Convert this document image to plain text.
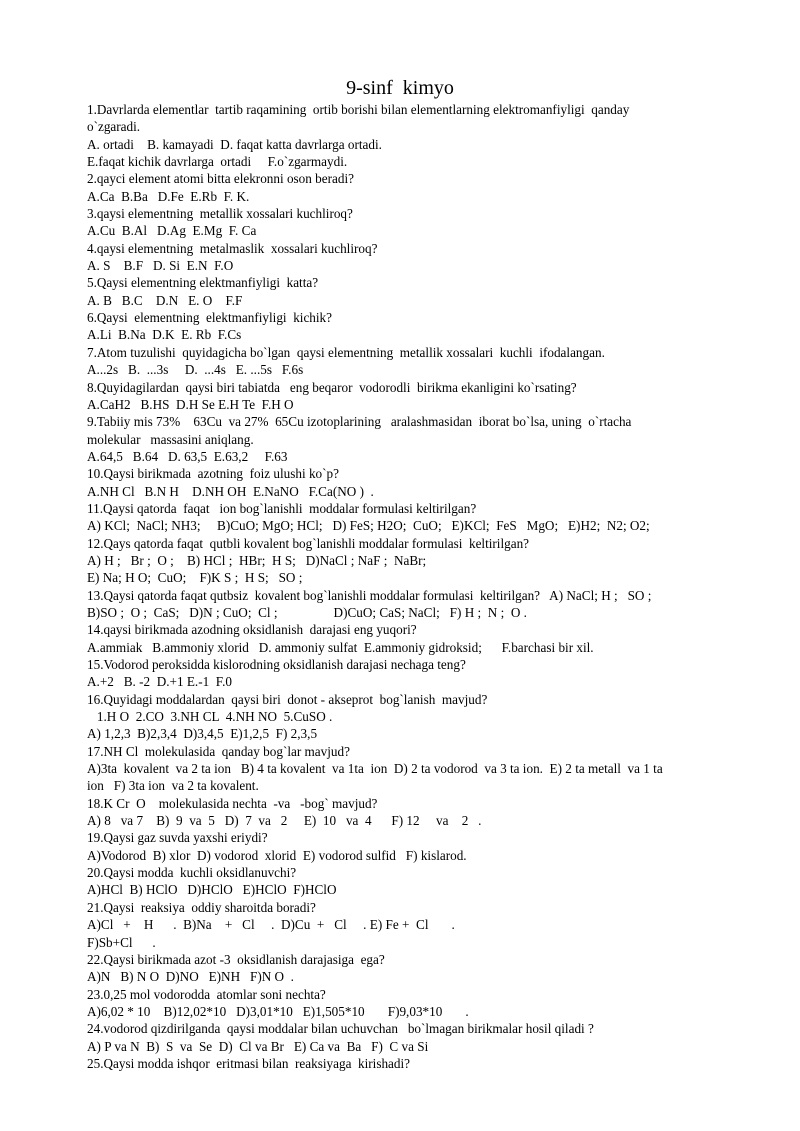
9-sinf  kimyo
1.Davrlarda elementlar  tartib raqamining  ortib borishi bilan elementlarning elektromanfiyligi  qanday
o`zgaradi.
A. ortadi    B. kamayadi  D. faqat katta davrlarga ortadi.
E.faqat kichik davrlarga  ortadi     F.o`zgarmaydi.
2.qayci element atomi bitta elekronni oson beradi?
A.Ca  B.Ba   D.Fe  E.Rb  F. K.
3.qaysi elementning  metallik xossalari kuchliroq?
A.Cu  B.Al   D.Ag  E.Mg  F. Ca
4.qaysi elementning  metalmaslik  xossalari kuchliroq?
A. S    B.F   D. Si  E.N  F.O
5.Qaysi elementning elektmanfiyligi  katta?
A. B   B.C    D.N   E. O    F.F
6.Qaysi  elementning  elektmanfiyligi  kichik?
A.Li  B.Na  D.K  E. Rb  F.Cs
7.Atom tuzulishi  quyidagicha bo`lgan  qaysi elementning  metallik xossalari  kuchli  ifodalangan.
A...2s   B.  ...3s     D.  ...4s   E. ...5s   F.6s
8.Quyidagilardan  qaysi biri tabiatda   eng beqaror  vodorodli  birikma ekanligini ko`rsating?
A.CaH2   B.HS  D.H Se E.H Te  F.H O
9.Tabiiy mis 73%    63Cu  va 27%  65Cu izotoplarining   aralashmasidan  iborat bo`lsa, uning  o`rtacha
molekular   massasini aniqlang.
A.64,5   B.64   D. 63,5  E.63,2     F.63
10.Qaysi birikmada  azotning  foiz ulushi ko`p?
A.NH Cl   B.N H    D.NH OH  E.NaNO   F.Ca(NO )  .
11.Qaysi qatorda  faqat   ion bog`lanishli  moddalar formulasi keltirilgan?
A) KCl;  NaCl; NH3;     B)CuO; MgO; HCl;   D) FeS; H2O;  CuO;   E)KCl;  FeS   MgO;   E)H2;  N2; O2;
12.Qays qatorda faqat  qutbli kovalent bog`lanishli moddalar formulasi  keltirilgan?
A) H ;   Br ;  O ;    B) HCl ;  HBr;  H S;   D)NaCl ; NaF ;  NaBr;
E) Na; H O;  CuO;    F)K S ;  H S;   SO ;
13.Qaysi qatorda faqat qutbsiz  kovalent bog`lanishli moddalar formulasi  keltirilgan?   A) NaCl; H ;   SO ;
B)SO ;  O ;  CaS;   D)N ; CuO;  Cl ;                 D)CuO; CaS; NaCl;   F) H ;  N ;  O .
14.qaysi birikmada azodning oksidlanish  darajasi eng yuqori?
A.ammiak   B.ammoniy xlorid   D. ammoniy sulfat  E.ammoniy gidroksid;      F.barchasi bir xil.
15.Vodorod peroksidda kislorodning oksidlanish darajasi nechaga teng?
A.+2   B. -2  D.+1 E.-1  F.0
16.Quyidagi moddalardan  qaysi biri  donot - akseprot  bog`lanish  mavjud?
1.H O  2.CO  3.NH CL  4.NH NO  5.CuSO .
A) 1,2,3  B)2,3,4  D)3,4,5  E)1,2,5  F) 2,3,5
17.NH Cl  molekulasida  qanday bog`lar mavjud?
A)3ta  kovalent  va 2 ta ion   B) 4 ta kovalent  va 1ta  ion  D) 2 ta vodorod  va 3 ta ion.  E) 2 ta metall  va 1 ta
ion   F) 3ta ion  va 2 ta kovalent.
18.K Cr  O    molekulasida nechta  -va   -bog` mavjud?
A) 8   va 7    B)  9  va  5   D)  7  va   2     E)  10   va  4      F) 12     va    2   .
19.Qaysi gaz suvda yaxshi eriydi?
A)Vodorod  B) xlor  D) vodorod  xlorid  E) vodorod sulfid   F) kislarod.
20.Qaysi modda  kuchli oksidlanuvchi?
A)HCl  B) HClO   D)HClO   E)HClO  F)HClO
21.Qaysi  reaksiya  oddiy sharoitda boradi?
A)Cl   +    H      .  B)Na    +   Cl     .  D)Cu  +   Cl     . E) Fe +  Cl       .
F)Sb+Cl      .
22.Qaysi birikmada azot -3  oksidlanish darajasiga  ega?
A)N   B) N O  D)NO   E)NH   F)N O  .
23.0,25 mol vodorodda  atomlar soni nechta?
A)6,02 * 10    B)12,02*10   D)3,01*10   E)1,505*10       F)9,03*10       .
24.vodorod qizdirilganda  qaysi moddalar bilan uchuvchan   bo`lmagan birikmalar hosil qiladi ?
A) P va N  B)  S  va  Se  D)  Cl va Br   E) Ca va  Ba   F)  C va Si
25.Qaysi modda ishqor  eritmasi bilan  reaksiyaga  kirishadi?
